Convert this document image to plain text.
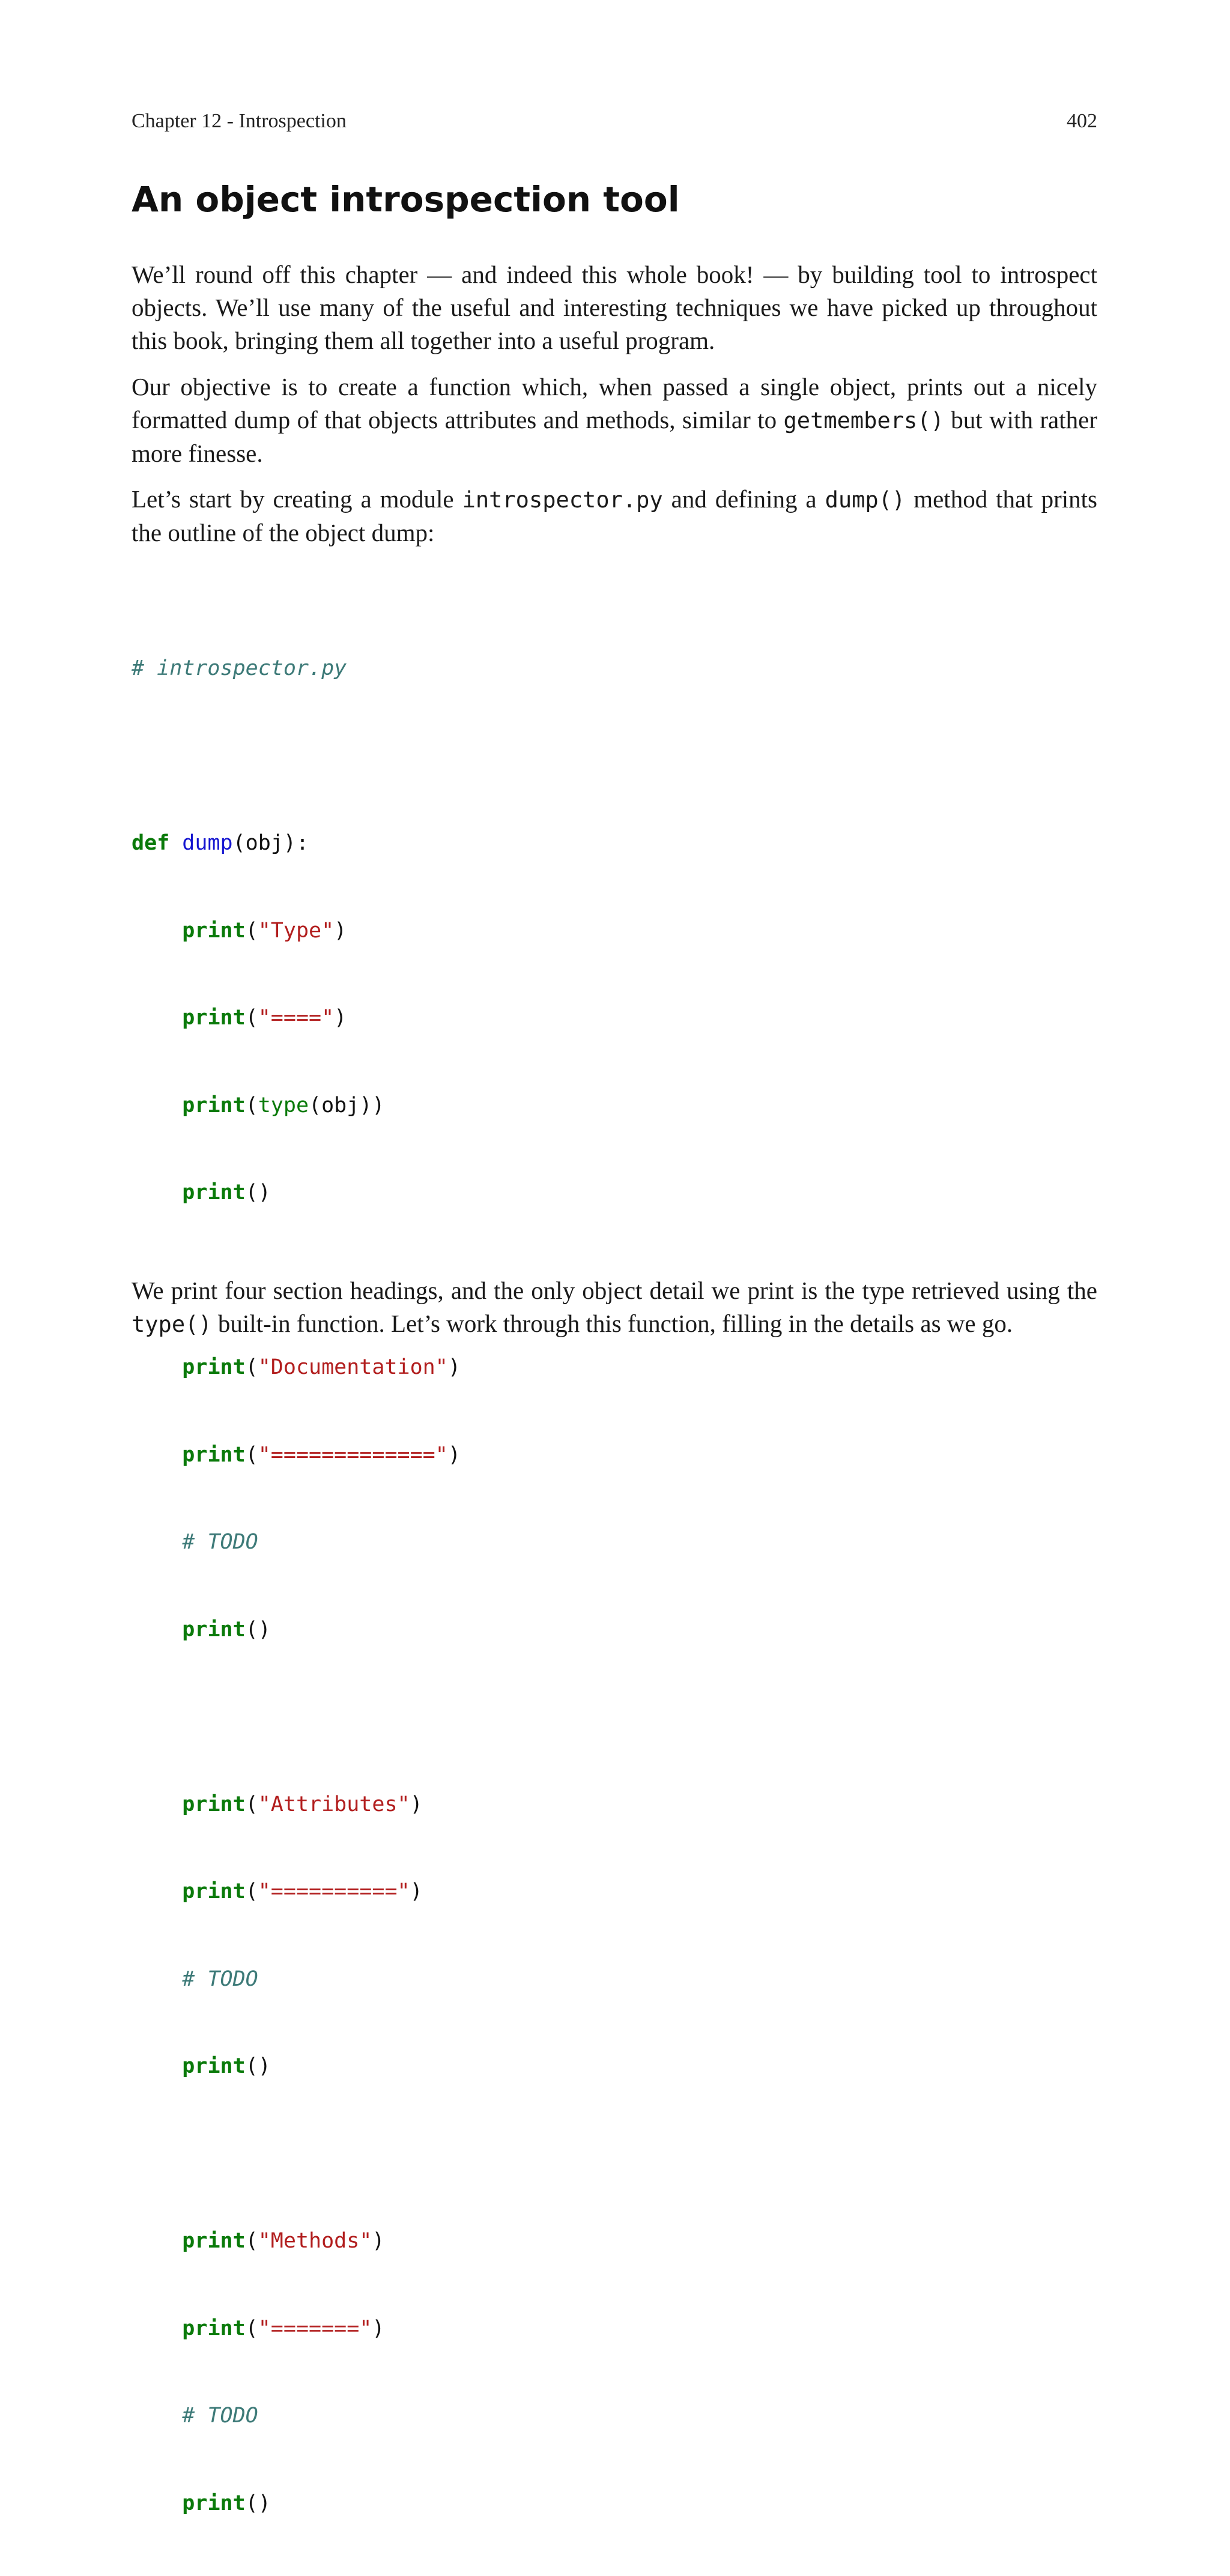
Chapter 12 - Introspection	402
An object introspection tool

We’ll round off this chapter — and indeed this whole book! — by building tool to introspect objects. We’ll use many of the useful and interesting techniques we have picked up throughout this book, bringing them all together into a useful program.

Our objective is to create a function which, when passed a single object, prints out a nicely formatted dump of that objects attributes and methods, similar to getmembers() but with rather more finesse.

Let’s start by creating a module introspector.py and defining a dump() method that prints the outline of the object dump:

# introspector.py

def dump(obj):

print("Type")

print("====")

print(type(obj))

print()

print("Documentation")

print("=============")

# TODO

print()

print("Attributes")

print("==========")

# TODO

print()

print("Methods")

print("=======")

# TODO

print()

We print four section headings, and the only object detail we print is the type retrieved using the type() built-in function. Let’s work through this function, filling in the details as we go.
